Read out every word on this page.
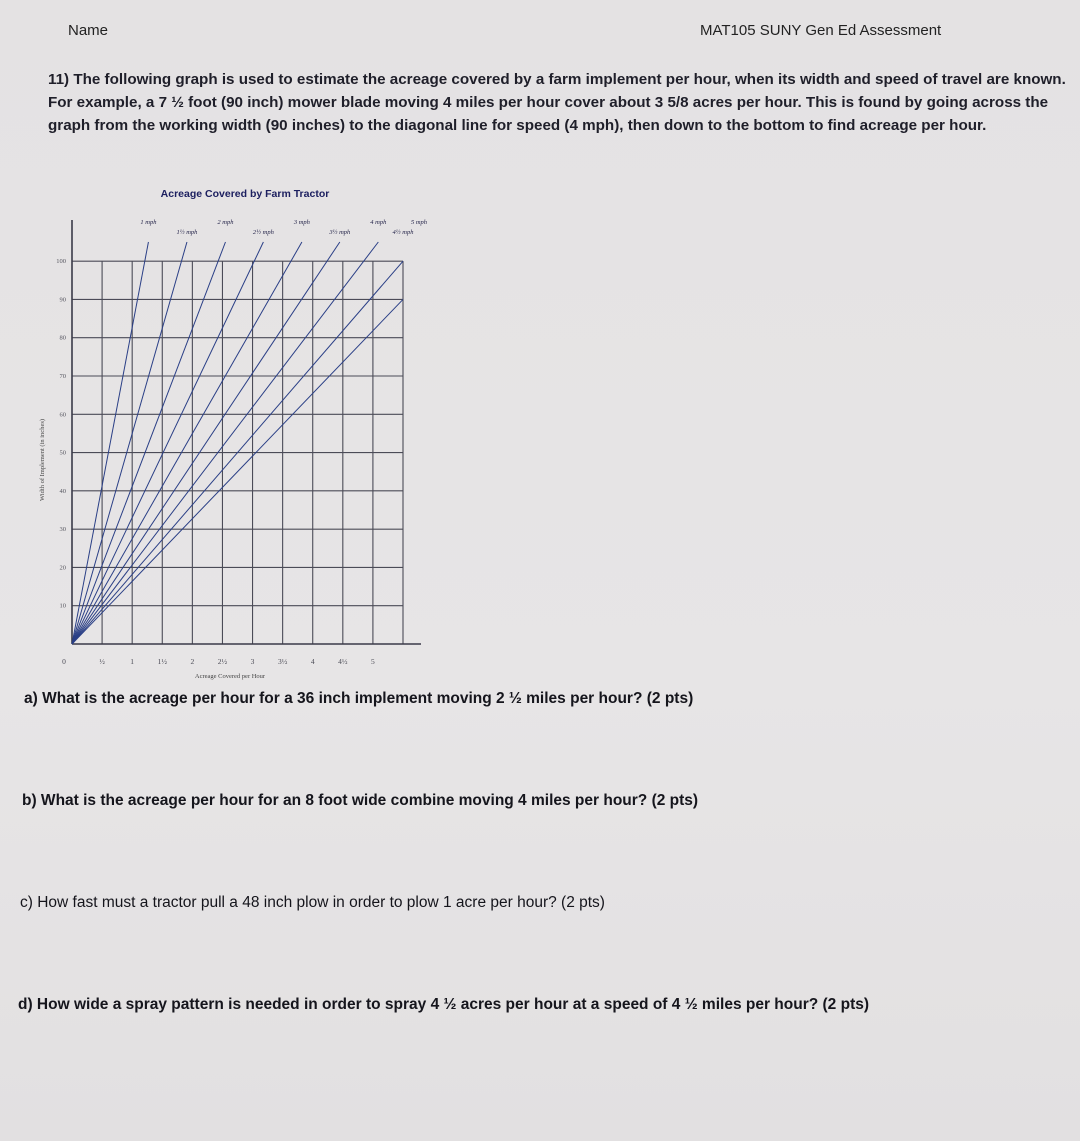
Name	MAT105 SUNY Gen Ed Assessment
11) The following graph is used to estimate the acreage covered by a farm implement per hour, when its width and speed of travel are known. For example, a 7 ½ foot (90 inch) mower blade moving 4 miles per hour cover about 3 5/8 acres per hour. This is found by going across the graph from the working width (90 inches) to the diagonal line for speed (4 mph), then down to the bottom to find acreage per hour.
Acreage Covered by Farm Tractor
1 mph
1½ mph
2 mph
2½ mph
3 mph
3½ mph
4 mph
4½ mph
5 mph
0	½	1	1½	2	2½	3	3½	4	4½	5
10
20
30
40
50
60
70
80
90
100
Acreage Covered per Hour
Width of Implement (in inches)
a) What is the acreage per hour for a 36 inch implement moving 2 ½ miles per hour? (2 pts)
b) What is the acreage per hour for an 8 foot wide combine moving 4 miles per hour? (2 pts)
c) How fast must a tractor pull a 48 inch plow in order to plow 1 acre per hour? (2 pts)
d) How wide a spray pattern is needed in order to spray 4 ½ acres per hour at a speed of 4 ½ miles per hour? (2 pts)
